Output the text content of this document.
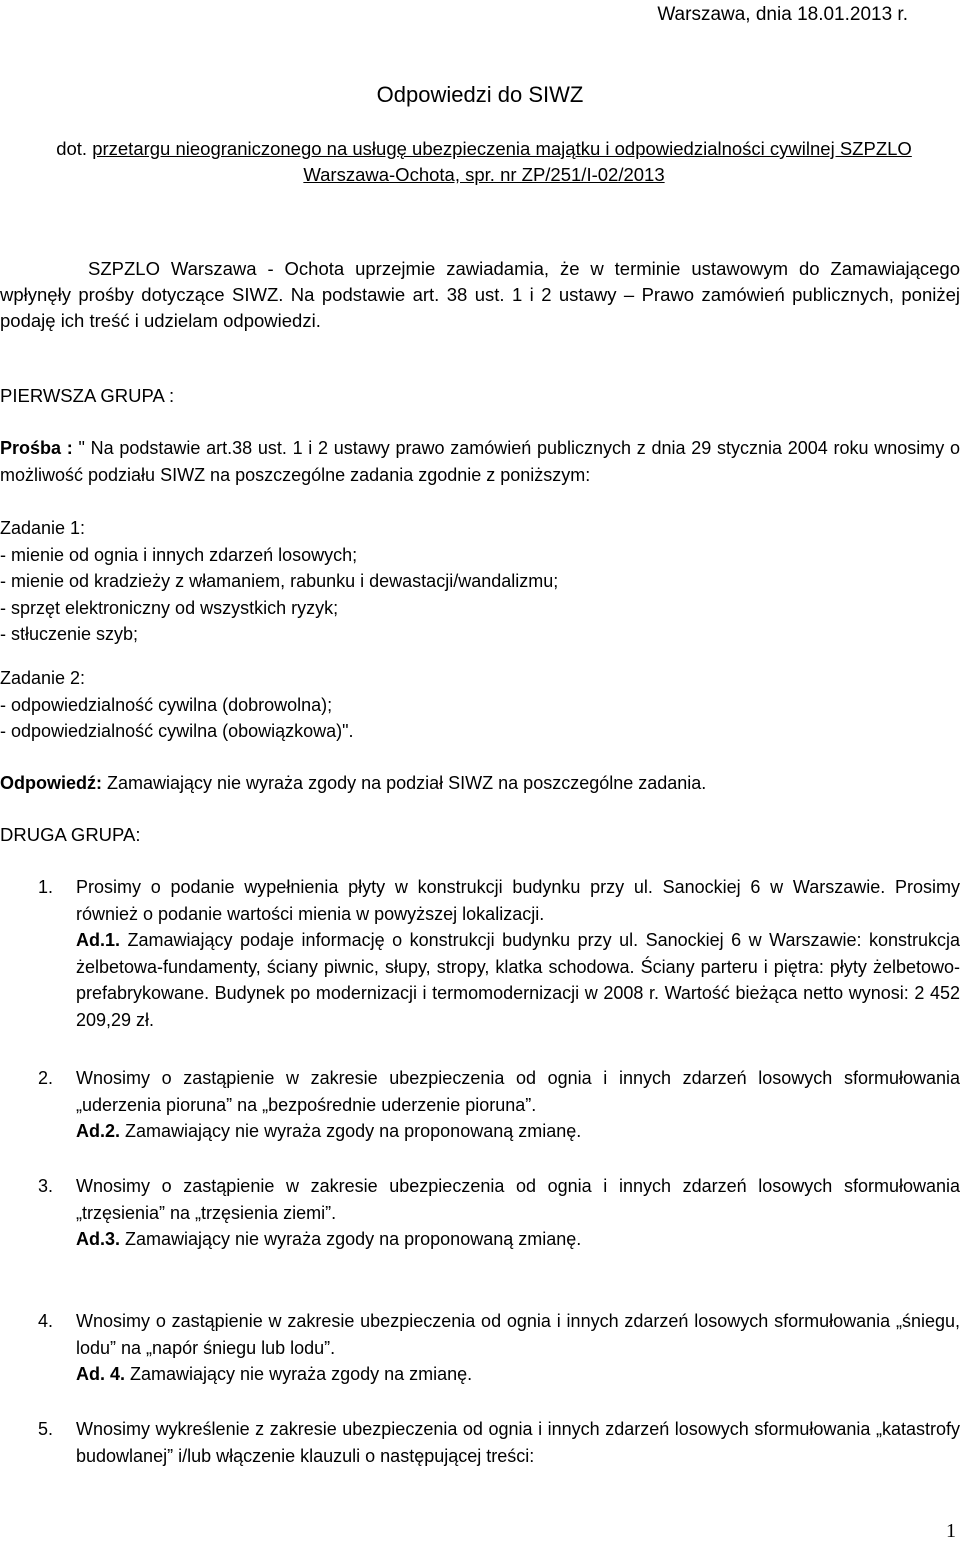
Warszawa, dnia 18.01.2013 r.
Odpowiedzi do SIWZ
dot. przetargu nieograniczonego na usługę ubezpieczenia majątku i odpowiedzialności cywilnej SZPZLO Warszawa-Ochota, spr. nr ZP/251/I-02/2013

SZPZLO Warszawa - Ochota uprzejmie zawiadamia, że w terminie ustawowym do Zamawiającego wpłynęły prośby dotyczące SIWZ. Na podstawie art. 38 ust. 1 i 2 ustawy – Prawo zamówień publicznych, poniżej podaję ich treść i udzielam odpowiedzi.

PIERWSZA GRUPA :

Prośba : " Na podstawie art.38 ust. 1 i 2 ustawy prawo zamówień publicznych z dnia 29 stycznia 2004 roku wnosimy o możliwość podziału SIWZ na poszczególne zadania zgodnie z poniższym:

Zadanie 1:
- mienie od ognia i innych zdarzeń losowych;
- mienie od kradzieży z włamaniem, rabunku i dewastacji/wandalizmu;
- sprzęt elektroniczny od wszystkich ryzyk;
- stłuczenie szyb;
Zadanie 2:
- odpowiedzialność cywilna (dobrowolna);
- odpowiedzialność cywilna (obowiązkowa)".

Odpowiedź: Zamawiający nie wyraża zgody na podział SIWZ na poszczególne zadania.

DRUGA GRUPA:
1. Prosimy o podanie wypełnienia płyty w konstrukcji budynku przy ul. Sanockiej 6 w Warszawie. Prosimy również o podanie wartości mienia w powyższej lokalizacji.

Ad.1. Zamawiający podaje informację o konstrukcji budynku przy ul. Sanockiej 6 w Warszawie: konstrukcja żelbetowa-fundamenty, ściany piwnic, słupy, stropy, klatka schodowa. Ściany parteru i piętra: płyty żelbetowo-prefabrykowane. Budynek po modernizacji i termomodernizacji w 2008 r. Wartość bieżąca netto wynosi: 2 452 209,29 zł.

2. Wnosimy o zastąpienie w zakresie ubezpieczenia od ognia i innych zdarzeń losowych sformułowania „uderzenia pioruna” na „bezpośrednie uderzenie pioruna”.

Ad.2. Zamawiający nie wyraża zgody na proponowaną zmianę.

3. Wnosimy o zastąpienie w zakresie ubezpieczenia od ognia i innych zdarzeń losowych sformułowania „trzęsienia” na „trzęsienia ziemi”.

Ad.3. Zamawiający nie wyraża zgody na proponowaną zmianę.

4. Wnosimy o zastąpienie w zakresie ubezpieczenia od ognia i innych zdarzeń losowych sformułowania „śniegu, lodu” na „napór śniegu lub lodu”.

Ad. 4. Zamawiający nie wyraża zgody na zmianę.

5. Wnosimy wykreślenie z zakresie ubezpieczenia od ognia i innych zdarzeń losowych sformułowania „katastrofy budowlanej” i/lub włączenie klauzuli o następującej treści:

1
